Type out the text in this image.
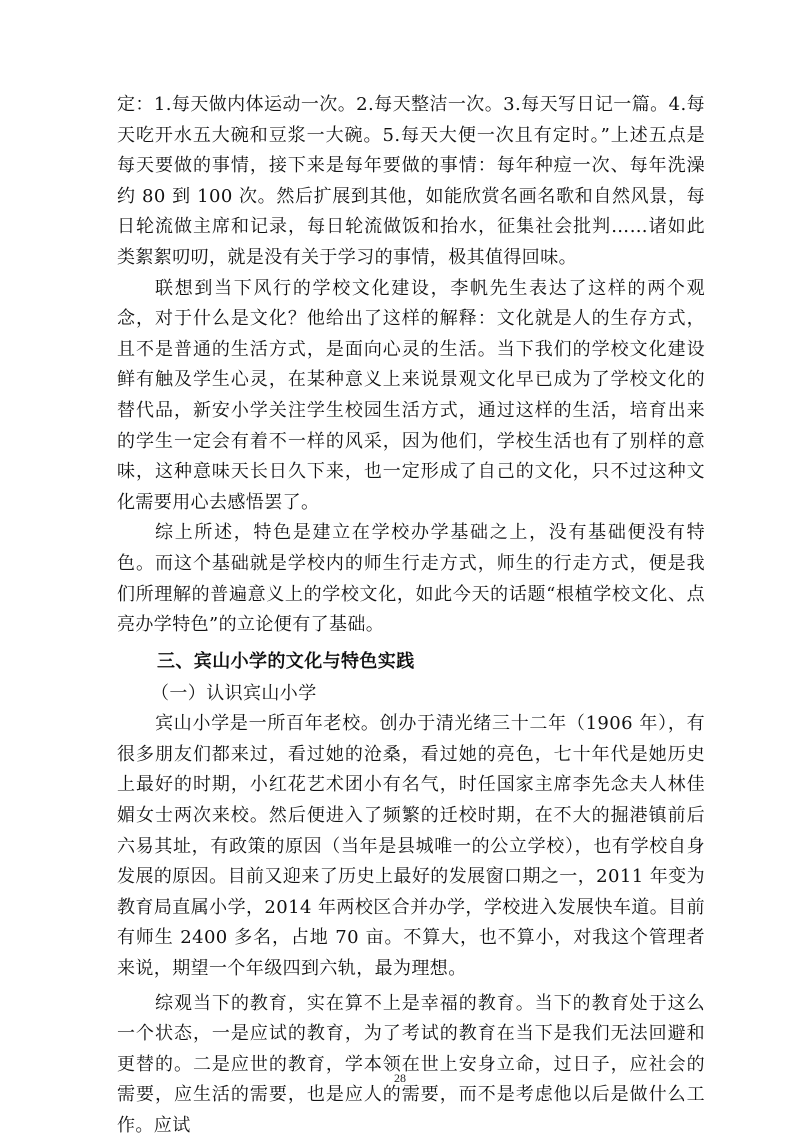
定：1.每天做内体运动一次。2.每天整洁一次。3.每天写日记一篇。4.每天吃开水五大碗和豆浆一大碗。5.每天大便一次且有定时。”上述五点是每天要做的事情，接下来是每年要做的事情：每年种痘一次、每年洗澡约 80 到 100 次。然后扩展到其他，如能欣赏名画名歌和自然风景，每日轮流做主席和记录，每日轮流做饭和抬水，征集社会批判……诸如此类絮絮叨叨，就是没有关于学习的事情，极其值得回味。

联想到当下风行的学校文化建设，李帆先生表达了这样的两个观念，对于什么是文化？他给出了这样的解释：文化就是人的生存方式，且不是普通的生活方式，是面向心灵的生活。当下我们的学校文化建设鲜有触及学生心灵，在某种意义上来说景观文化早已成为了学校文化的替代品，新安小学关注学生校园生活方式，通过这样的生活，培育出来的学生一定会有着不一样的风采，因为他们，学校生活也有了别样的意味，这种意味天长日久下来，也一定形成了自己的文化，只不过这种文化需要用心去感悟罢了。

综上所述，特色是建立在学校办学基础之上，没有基础便没有特色。而这个基础就是学校内的师生行走方式，师生的行走方式，便是我们所理解的普遍意义上的学校文化，如此今天的话题“根植学校文化、点亮办学特色”的立论便有了基础。

三、宾山小学的文化与特色实践

（一）认识宾山小学

宾山小学是一所百年老校。创办于清光绪三十二年（1906 年），有很多朋友们都来过，看过她的沧桑，看过她的亮色，七十年代是她历史上最好的时期，小红花艺术团小有名气，时任国家主席李先念夫人林佳媚女士两次来校。然后便进入了频繁的迁校时期，在不大的掘港镇前后六易其址，有政策的原因（当年是县城唯一的公立学校），也有学校自身发展的原因。目前又迎来了历史上最好的发展窗口期之一，2011 年变为教育局直属小学，2014 年两校区合并办学，学校进入发展快车道。目前有师生 2400 多名，占地 70 亩。不算大，也不算小，对我这个管理者来说，期望一个年级四到六轨，最为理想。

综观当下的教育，实在算不上是幸福的教育。当下的教育处于这么一个状态，一是应试的教育，为了考试的教育在当下是我们无法回避和更替的。二是应世的教育，学本领在世上安身立命，过日子，应社会的需要，应生活的需要，也是应人的需要，而不是考虑他以后是做什么工作。应试

28
